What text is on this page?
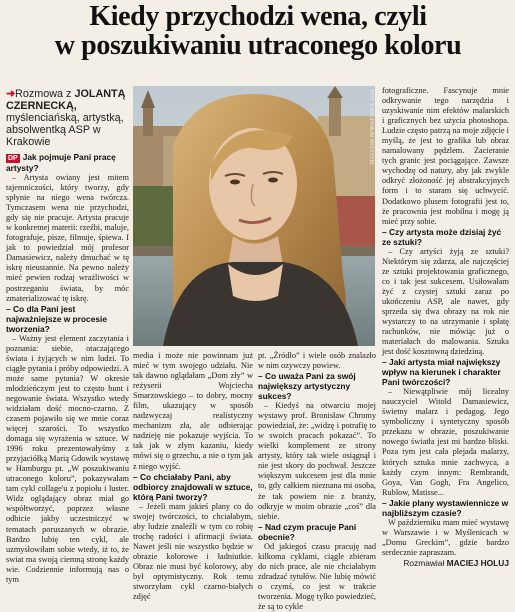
Kiedy przychodzi wena, czyli
w poszukiwaniu utraconego koloru
➜Rozmowa z JOLANTĄ CZERNECKĄ, myślenciańską, artystką, absolwentką ASP w Krakowie	FOT. Z ARCHIWUM ARTYSTKI

DP Jak pojmuje Pani pracę artysty?

– Artysta owiany jest mitem tajemniczości, który tworzy, gdy spłynie na niego wena twórcza. Tymczasem wena nie przychodzi, gdy się nie pracuje. Artysta pracuje w konkretnej materii: rzeźbi, maluje, fotografuje, pisze, filmuje, śpiewa. I jak to powiedział mój profesor Damasiewicz, należy dmuchać w tę iskrę nieustannie. Na pewno należy mieć pewien rodzaj wrażliwości w postrzeganiu świata, by móc zmaterializować tę iskrę.

– Co dla Pani jest najważniejsze w procesie tworzenia?

– Ważny jest element zaczytania i poznania: siebie, otaczającego świata i żyjących w nim ludzi. To ciągłe pytania i próby odpowiedzi. A może same pytania? W okresie młodzieńczym jest to często bunt i negowanie świata. Wszystko wtedy widziałam dość mocno-czarno. Z czasem pojawiło się we mnie coraz więcej szarości. To wszystko domaga się wyrażenia w sztuce. W 1996 roku prezentowałyśmy z przyjaciółką Marią Gdowik wystawę w Hamburgu pt. „W poszukiwaniu utraconego koloru”, pokazywałam tam cykl collage'u z popiołu i luster. Widz oglądający obraz miał go współtworzyć, poprzez własne odbicie jakby uczestniczyć w tematach poruszanych w obrazie. Bardzo lubię ten cykl, ale uzmysłowiłam sobie wtedy, iż to, że swiat ma swoją ciemną stronę każdy wie. Codziennie informują nas o tym

media i może nie powinnam już mieć w tym swojego udziału. Nie tak dawno oglądałam „Dom zły” w reżyserii Wojciecha Smarzowskiego – to dobry, mocny film, ukazujący w sposób nadzwyczaj realistyczny mechanizm zła, ale odbierając nadzieję nie pokazuje wyjścia. To tak jak w złym kazaniu, kiedy mówi się o grzechu, a nie o tym jak z niego wyjść.

– Co chciałaby Pani, aby odbiorcy znajdowali w sztuce, którą Pani tworzy?

– Jeżeli mam jakieś plany co do swojej twórczości, to chciałabym, aby ludzie znaleźli w tym co robię trochę radości i afirmacji świata. Nawet jeśli nie wszystko będzie w obrazie kolorowe i ładniutkie. Obraz nie musi być kolorowy, aby był optymistyczny. Rok temu stworzyłam cykl czarno-białych zdjęć

pt. „Źródło” i wiele osób znalazło w nim ozywczy powiew.

– Co uważa Pani za swój największy artystyczny sukces?

– Kiedyś na otwarciu mojej wystawy prof. Bronisław Chromy powiedział, że: „widzę i potrafię to w swoich pracach pokazać”. To wielki komplement ze strony artysty, który tak wiele osiągnął i nie jest skory do pochwał. Jeszcze większym sukcesem jest dla mnie to, gdy całkiem nieznana mi osoba, że tak powiem nie z branży, odkryje w moim obrazie „coś” dla siebie.

– Nad czym pracuje Pani obecnie?

Od jakiegoś czasu pracuję nad kilkoma cyklami, ciągle zbieram do nich prace, ale nie chciałabym zdradzać tytułów. Nie lubię mówić o czymś, co jest w trakcie tworzenia. Mogę tylko powiedzieć, że są to cykle

fotograficzne. Fascynuje mnie odkrywanie tego narzędzia i uzyskiwanie nim efektów malarskich i graficznych bez użycia photoshopa. Ludzie często patrzą na moje zdjęcie i myślą, że jest to grafika lub obraz namalowany pędzlem. Zacieranie tych granic jest pociągające. Zawsze wychodzę od natury, aby jak zwykle odkryć złożoność jej abstrakcyjnych form i to staram się uchwycić. Dodatkowo plusem fotografii jest to, że pracownia jest mobilna i mogę ją mieć przy sobie.

– Czy artysta może dzisiaj żyć ze sztuki?

– Czy artyści żyją ze sztuki? Niektórym się zdarza, ale najczęściej ze sztuki projektowania graficznego, co i tak jest sukcesem. Usiłowałam żyć z czystej sztuki zaraz po ukończeniu ASP, ale nawet, gdy sprzeda się dwa obrazy na rok nie wystarczy to na utrzymanie i spłatę rachunków, nie mówiąc już o materiałach do malowania. Sztuka jest dość kosztowną dziedziną.

– Jaki artysta miał największy wpływ na kierunek i charakter Pani twórczości?

– Niewątpliwie mój licealny nauczyciel Witold Damasiewicz, świetny malarz i pedagog. Jego symboliczny i syntetyczny sposób przekazu w obrazie, poszukiwanie nowego światła jest mi bardzo bliski. Poza tym jest cała plejada malarzy, których sztuka mnie zachwyca, a każdy czym innym: Rembrandt, Goya, Van Gogh, Fra Angelico, Rublow, Matisse...

– Jakie plany wystawiennicze w najbliższym czasie?

W październiku mam mieć wystawę w Warszawie i w Myślenicach w „Domu Greckim”, gdzie bardzo serdecznie zapraszam.

Rozmawiał MACIEJ HOLUJ
